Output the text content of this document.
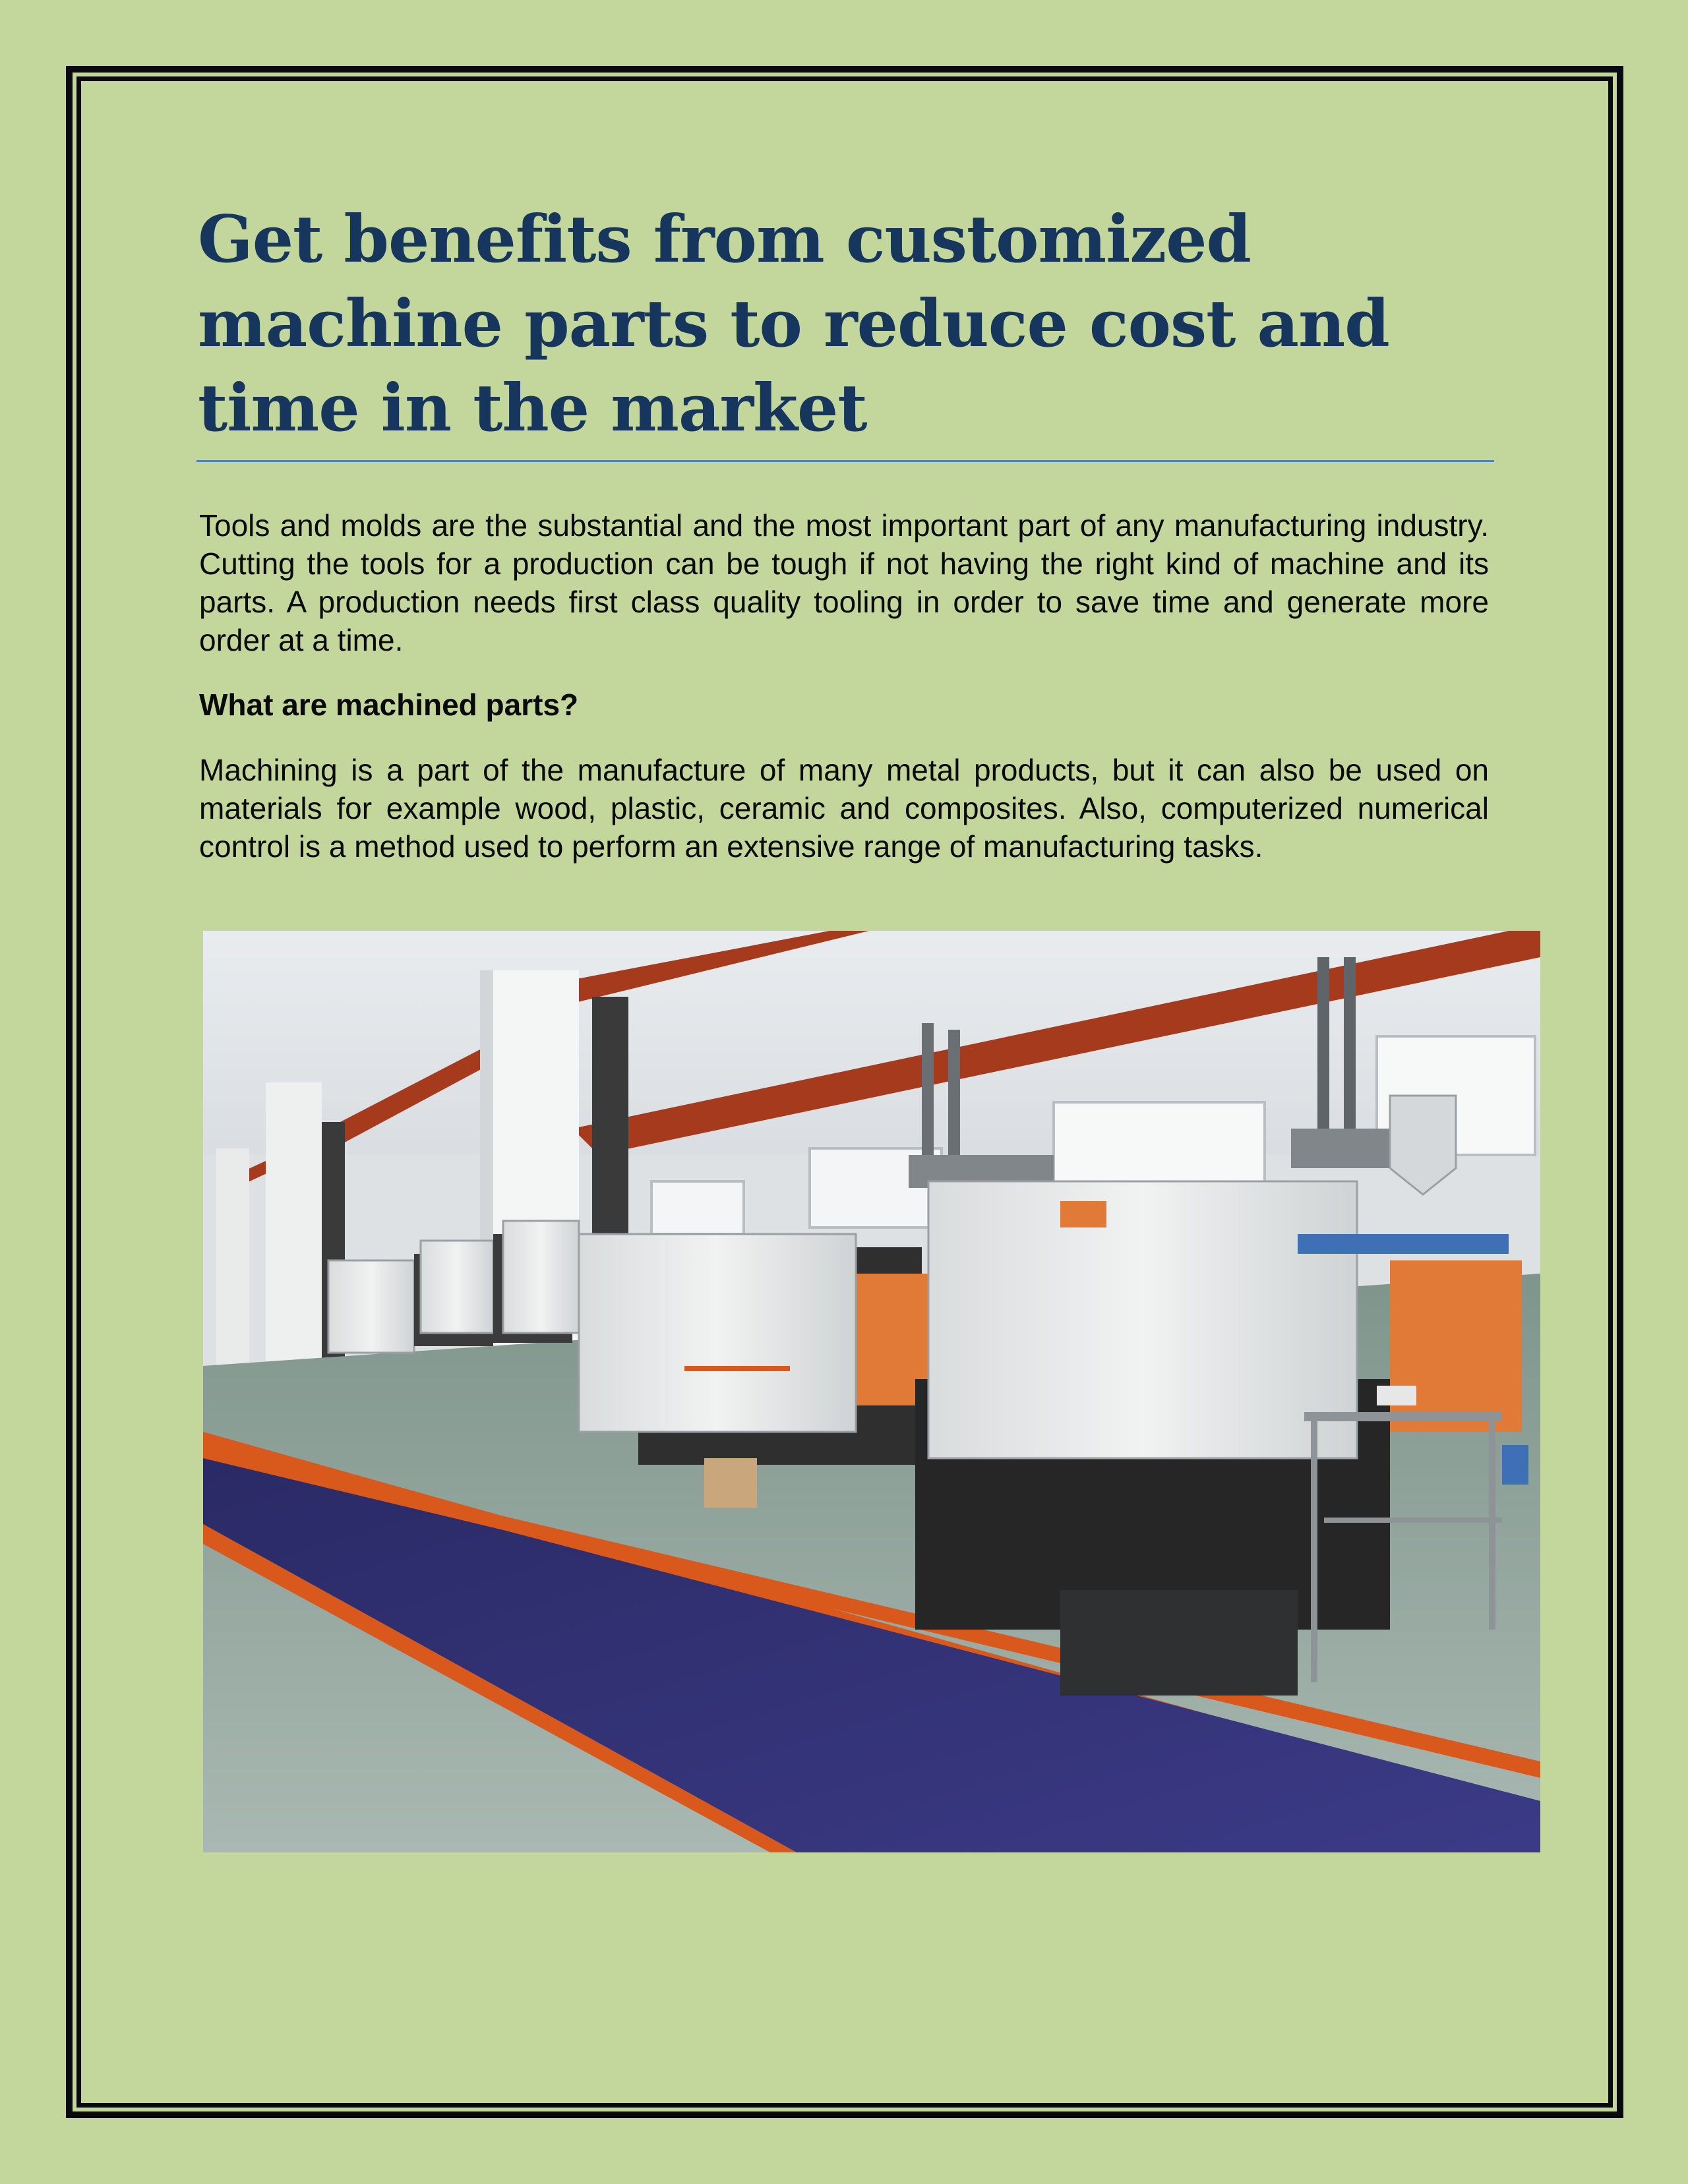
Get benefits from customized machine parts to reduce cost and time in the market

Tools and molds are the substantial and the most important part of any manufacturing industry. Cutting the tools for a production can be tough if not having the right kind of machine and its parts. A production needs first class quality tooling in order to save time and generate more order at a time.

What are machined parts?

Machining is a part of the manufacture of many metal products, but it can also be used on materials for example wood, plastic, ceramic and composites. Also, computerized numerical control is a method used to perform an extensive range of manufacturing tasks.
